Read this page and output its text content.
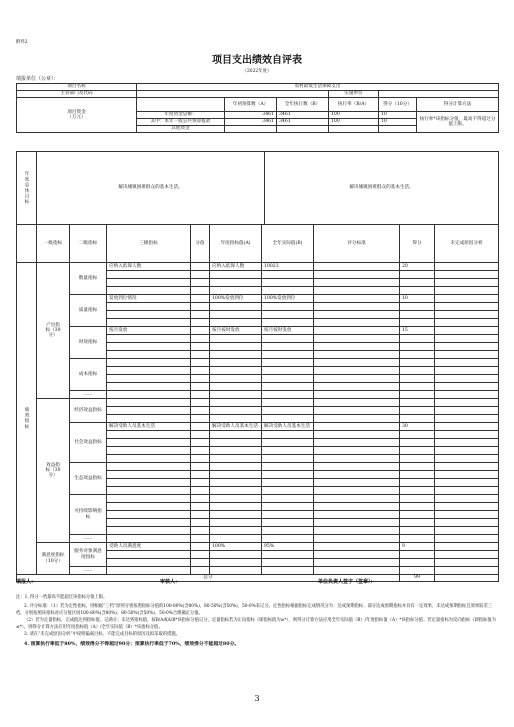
附件2
项目支出绩效自评表
（2022年度）
填报单位（公章）：
项目名称	农村最低生活保障支出					
主管部门及代码				实施单位		
项目资金
（万元）		年初预算数（A）	全年执行数（B）	执行率（B/A）	得分（10分）	得分计算方法
	年度资金总额：	3461	3461	100	10	执行率*该指标分值，最高不得超过分值上限。
	其中：本年一般公共预算拨款	3461	3461	100	10	
	其他资金					
年度总体目标	解决城镇困难群众的基本生活。	解决城镇困难群众的基本生活。
	一级指标	二级指标	三级指标	分值	年度指标值(A)	全年实际值(B)	评分标准	得分	未完成原因分析

绩效指标	产出指标（30分）	数量指标	应纳入低保人数		应纳入低保人数	10023		20	

		质量指标	发放到位情况		100%发放到位	100%发放到位		10	

		时效指标	按月发放		按月按时发放	按月按时发放		15	

		成本指标							

		……							

	效益指标（30分）	经济效益指标							

		社会效益指标	解决受助人员基本生活		解决受助人员基本生活	解决受助人员基本生活		30	

		生态效益指标							

		可持续影响指标							

		……							

	满意度指标（10分）	服务对象满意度指标	受助人员满意度		100%	95%		9	

		……							
总分								99	
填报人：	审核人：	单位负责人签字（签章）：

注：1. 得分一档最高不能超过该指标分值上限。

2. 评分标准：（1）若为定性指标，则根据“三档”原则分别按照指标分值的100-80%(含80%)、80-50%(含50%)、50-0%来记分。定性指标根据指标完成情况分为：达成预期指标、部分达成预期指标并具有一定效果、未达成预期指标且效果较差三档，分别按照该指标对应分值区间100-80%(含80%)、80-50%(含50%)、50-0%合理确定分值。

（2）若为定量指标，完成值达到指标值，记满分；未达到指标值，按B/A或A/B*该指标分值记分。定量指标若为正向指标（即指标值为≥*），则得分计算方法应用全年实际值（B）/年度指标值（A）*该指标分值；若定量指标为反向指标（即指标值为≤*），则得分计算方法应用年度指标值（A）/全年实际值（B）*该指标分值。

3. 请在“未完成原因分析”中说明偏离目标、不能完成目标的原因及拟采取的措施。

4. 预算执行率低于80%，绩效得分不得超过90分；预算执行率低于70%，绩效得分不能超过80分。

3
